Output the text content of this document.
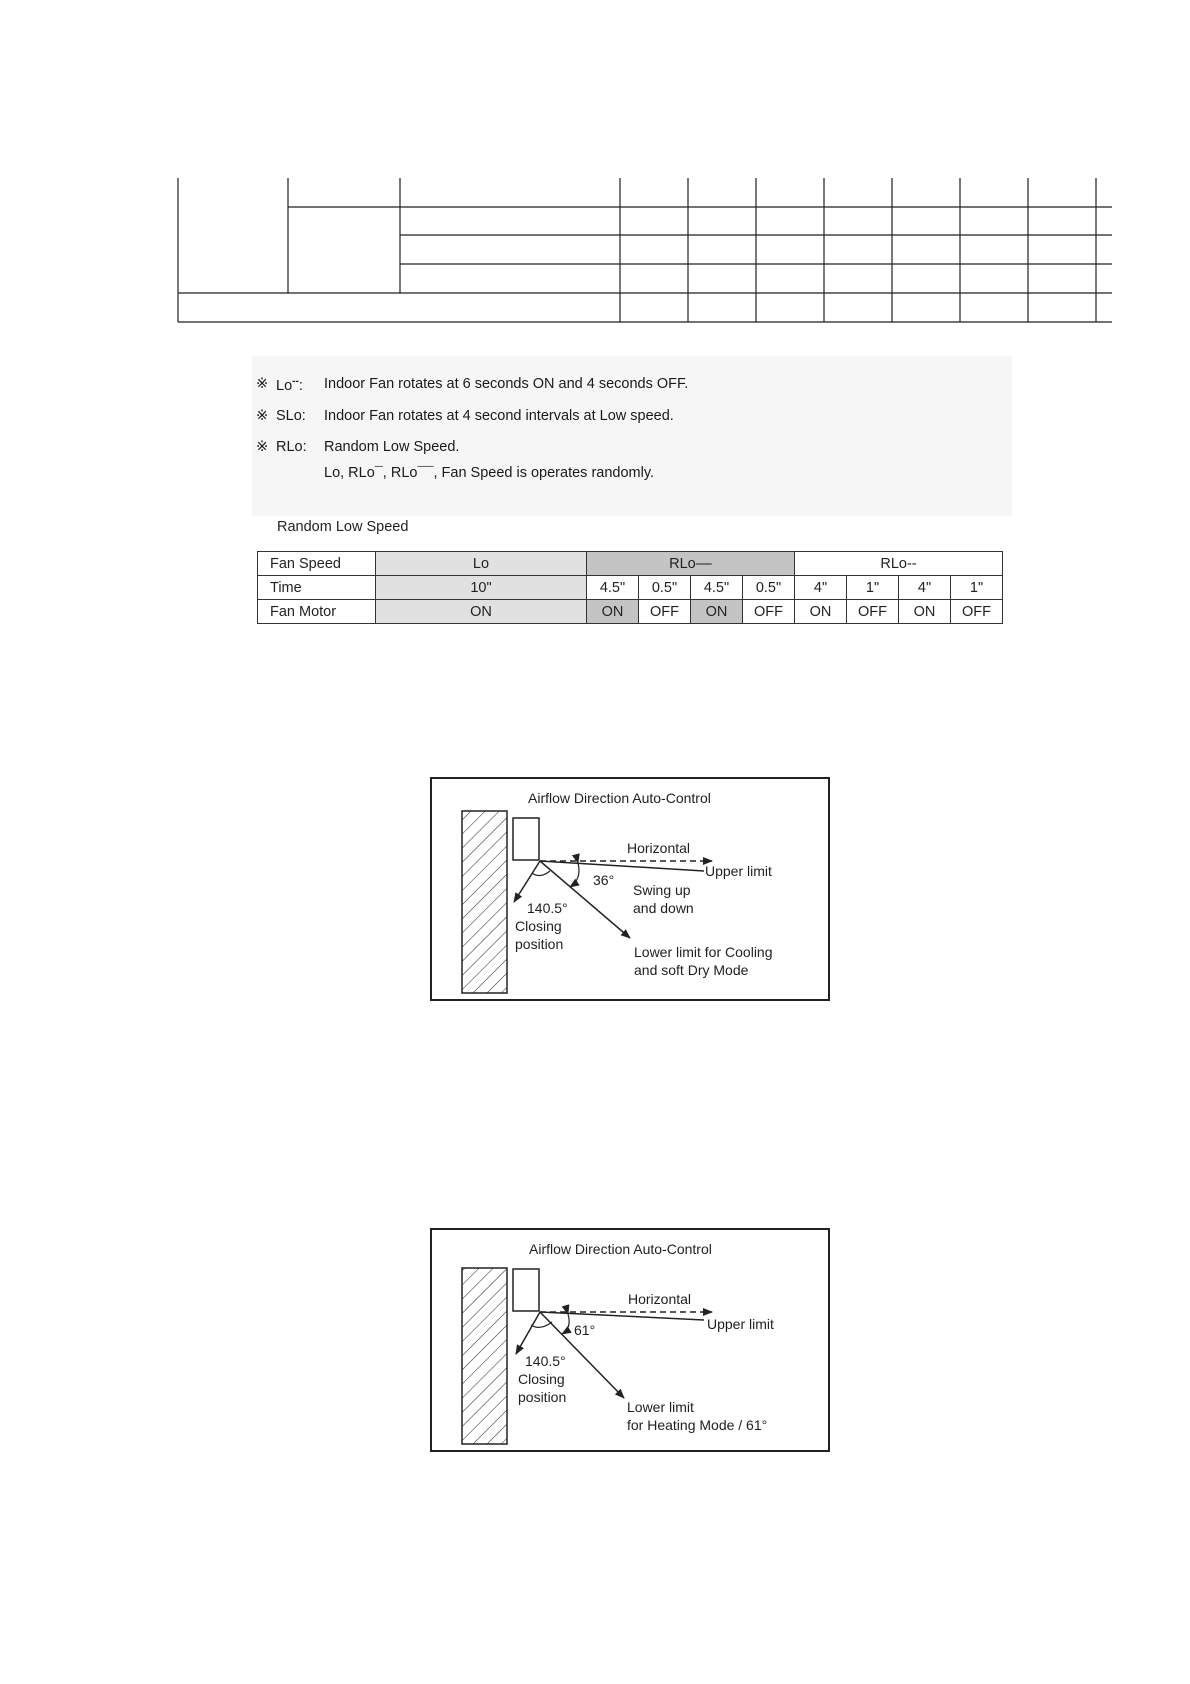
※ Lo--: Indoor Fan rotates at 6 seconds ON and 4 seconds OFF.
※ SLo: Indoor Fan rotates at 4 second intervals at Low speed.
※ RLo: Random Low Speed.
Lo, RLo¯, RLo¯¯, Fan Speed is operates randomly.
Random Low Speed
Fan Speed	Lo	RLo––				RLo--			
Time	10"	4.5"	0.5"	4.5"	0.5"	4"	1"	4"	1"
Fan Motor	ON	ON	OFF	ON	OFF	ON	OFF	ON	OFF
Airflow Direction Auto-Control
Horizontal
Upper limit
36°
Swing up
and down
140.5°
Closing
position	Lower limit for Cooling
and soft Dry Mode
Airflow Direction Auto-Control
Horizontal
Upper limit
61°
140.5°
Closing
position
Lower limit
for Heating Mode / 61°
